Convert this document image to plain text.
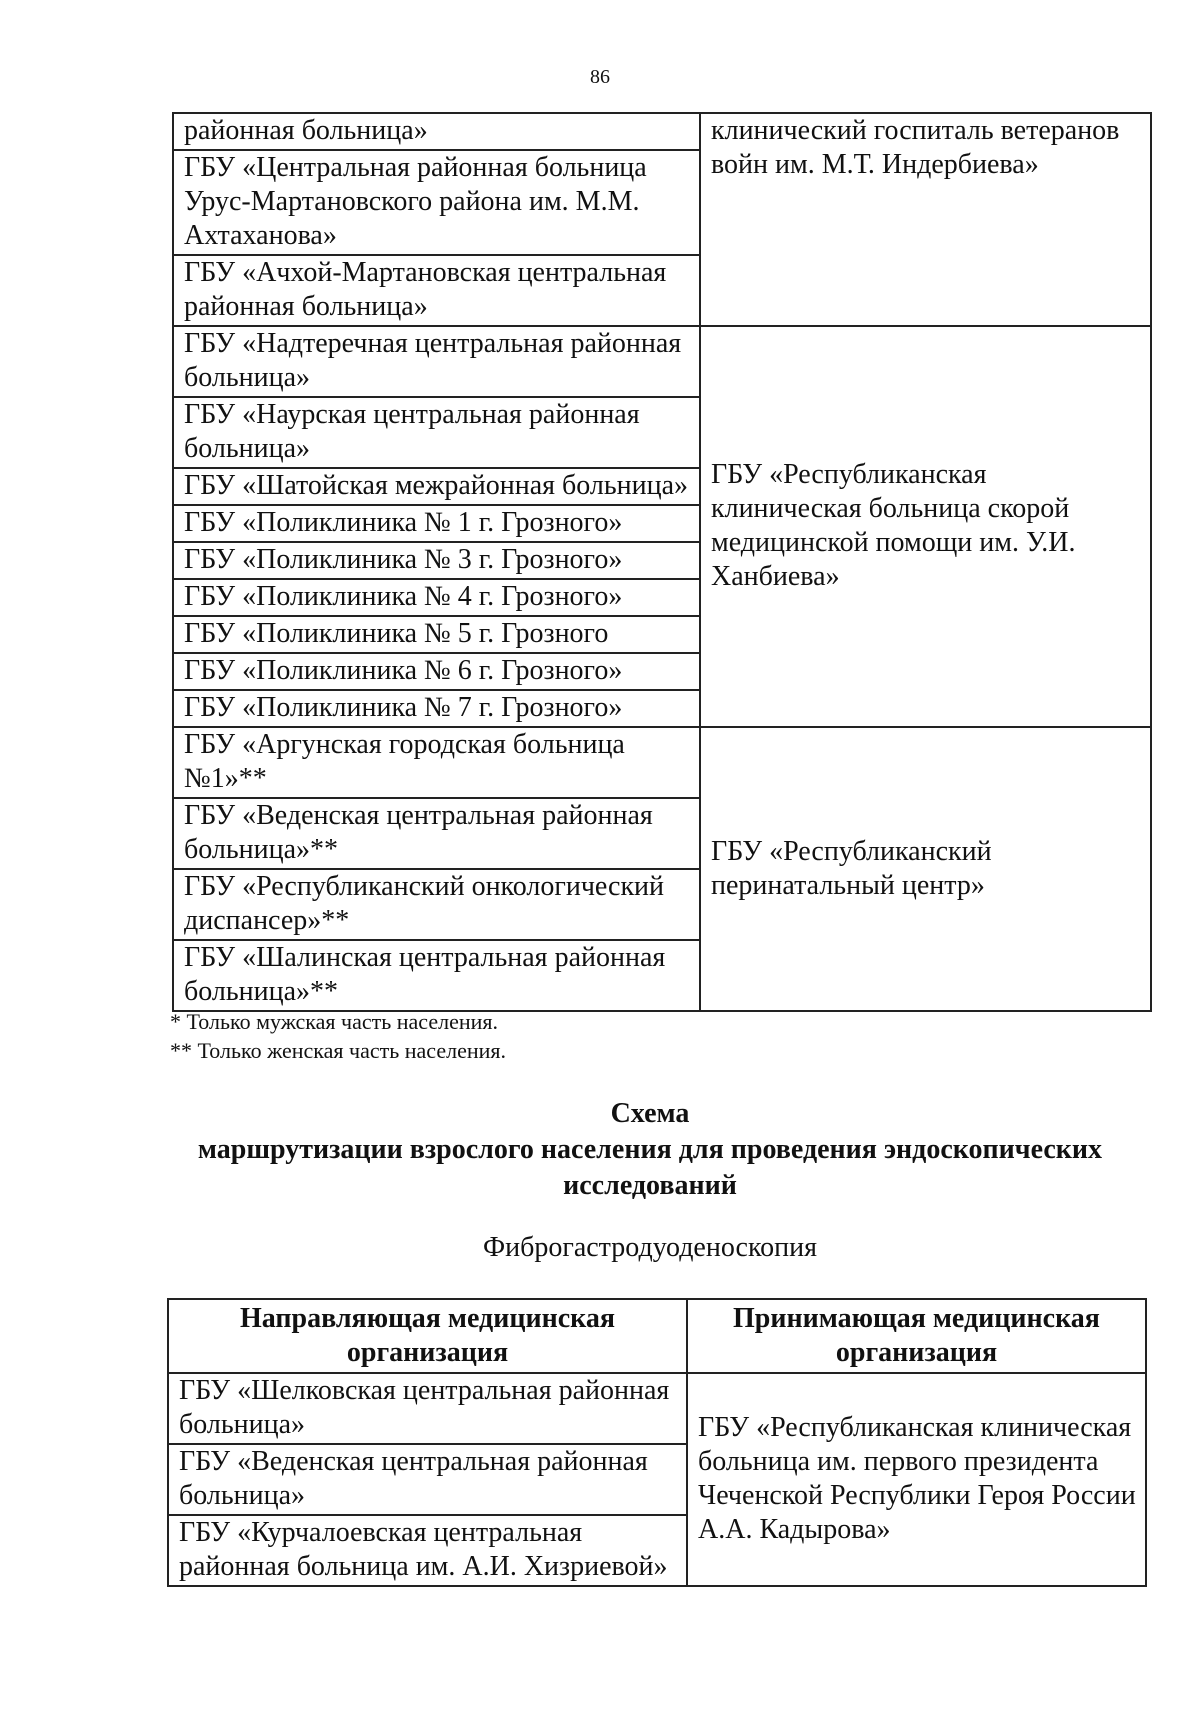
86
районная больница»	клинический госпиталь ветеранов войн им. М.Т. Индербиева»
ГБУ «Центральная районная больница Урус-Мартановского района им. М.М. Ахтаханова»	
ГБУ «Ачхой-Мартановская центральная районная больница»	
ГБУ «Надтеречная центральная районная больница»	ГБУ «Республиканская клиническая больница скорой медицинской помощи им. У.И. Ханбиева»
ГБУ «Наурская центральная районная больница»	
ГБУ «Шатойская межрайонная больница»	
ГБУ «Поликлиника № 1 г. Грозного»	
ГБУ «Поликлиника № 3 г. Грозного»	
ГБУ «Поликлиника № 4 г. Грозного»	
ГБУ «Поликлиника № 5 г. Грозного	
ГБУ «Поликлиника № 6 г. Грозного»	
ГБУ «Поликлиника № 7 г. Грозного»	
ГБУ «Аргунская городская больница №1»**	ГБУ «Республиканский перинатальный центр»
ГБУ «Веденская центральная районная больница»**	
ГБУ «Республиканский онкологический диспансер»**	
ГБУ «Шалинская центральная районная больница»**	
* Только мужская часть населения.
** Только женская часть населения.
Схема
маршрутизации взрослого населения для проведения эндоскопических
исследований
Фиброгастродуоденоскопия
Направляющая медицинская организация	Принимающая медицинская организация
ГБУ «Шелковская центральная районная больница»	ГБУ «Республиканская клиническая больница им. первого президента Чеченской Республики Героя России А.А. Кадырова»
ГБУ «Веденская центральная районная больница»	
ГБУ «Курчалоевская центральная районная больница им. А.И. Хизриевой»	
